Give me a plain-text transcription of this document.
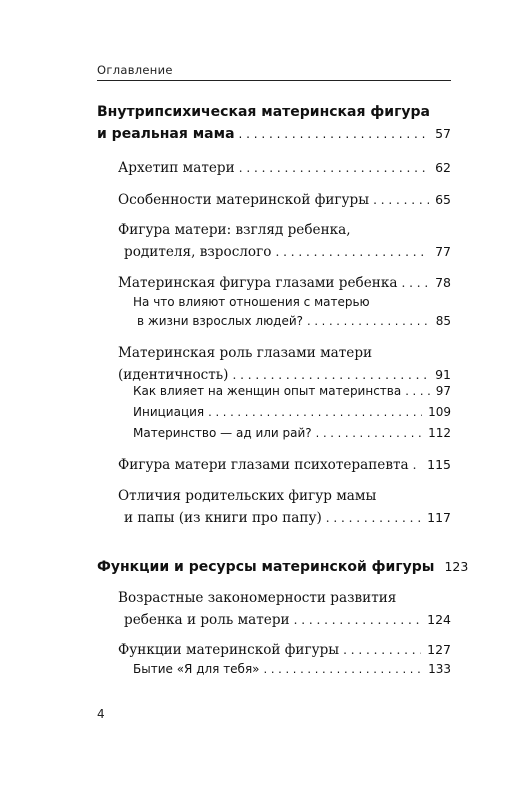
Оглавление
Внутрипсихическая материнская фигура
и реальная мама . . .	57
Архетип матери . . .	62
Особенности материнской фигуры . . .	65
Фигура матери: взгляд ребенка,
родителя, взрослого . . .	77
Материнская фигура глазами ребенка . . .	78
На что влияют отношения с матерью
в жизни взрослых людей? . . .	85
Материнская роль глазами матери
(идентичность) . . .	91
Как влияет на женщин опыт материнства . . .	97
Инициация . . .	109
Материнство — ад или рай? . . .	112
Фигура матери глазами психотерапевта . . . 115
Отличия родительских фигур мамы
и папы (из книги про папу) . . .	117
Функции и ресурсы материнской фигуры 123
Возрастные закономерности развития
ребенка и роль матери . . .	124
Функции материнской фигуры . . .	127
Бытие «Я для тебя» . . .	133
4
